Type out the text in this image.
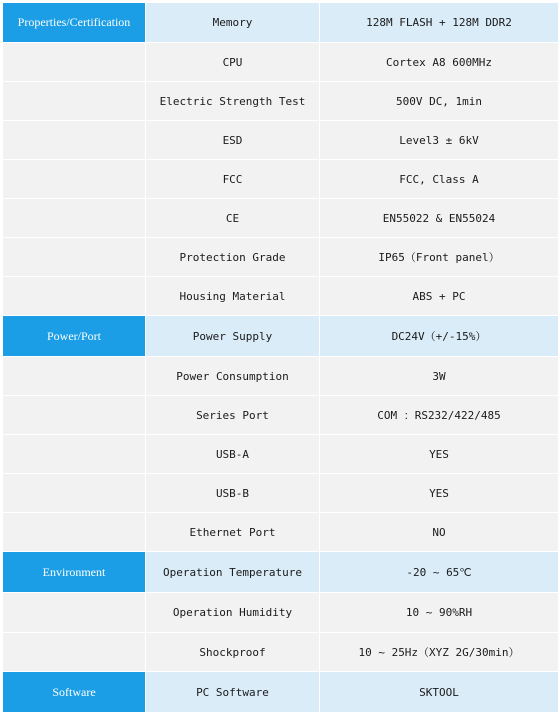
Properties/Certification	Memory	128M FLASH + 128M DDR2
	CPU	Cortex A8 600MHz
	Electric Strength Test	500V DC, 1min
	ESD	Level3 ± 6kV
	FCC	FCC, Class A
	CE	EN55022 & EN55024
	Protection Grade	IP65（Front panel）
	Housing Material	ABS + PC
Power/Port	Power Supply	DC24V（+/-15%）
	Power Consumption	3W
	Series Port	COM ：RS232/422/485
	USB-A	YES
	USB-B	YES
	Ethernet Port	NO
Environment	Operation Temperature	-20 ~ 65℃
	Operation Humidity	10 ~ 90%RH
	Shockproof	10 ~ 25Hz（XYZ 2G/30min）
Software	PC Software	SKTOOL
